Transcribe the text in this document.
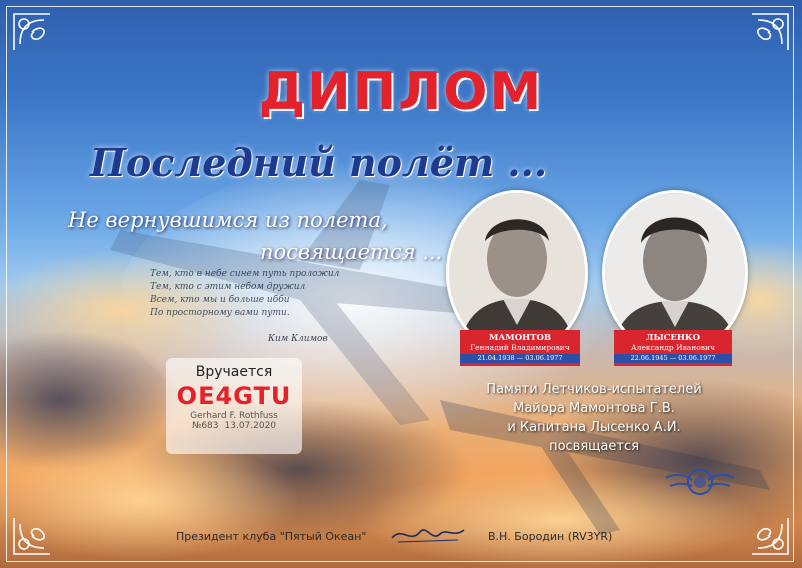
ДИПЛОМ
Последний полёт ...
Не вернувшимся из полета,
посвящается ...
Тем, кто в небе синем путь проложил
Тем, кто с этим небом дружил
Всем, кто мы и больше ибби
По просторному вами пути.
Ким Климов
Вручается
OE4GTU
Gerhard F. Rothfuss
№683 13.07.2020
МАМОНТОВ
Геннадий Владимирович
21.04.1938 — 03.06.1977
ЛЫСЕНКО
Александр Иванович
22.06.1945 — 03.06.1977
Памяти Летчиков-испытателей
Майора Мамонтова Г.В.
и Капитана Лысенко А.И.
посвящается
Президент клуба "Пятый Океан"	В.Н. Бородин (RV3YR)
